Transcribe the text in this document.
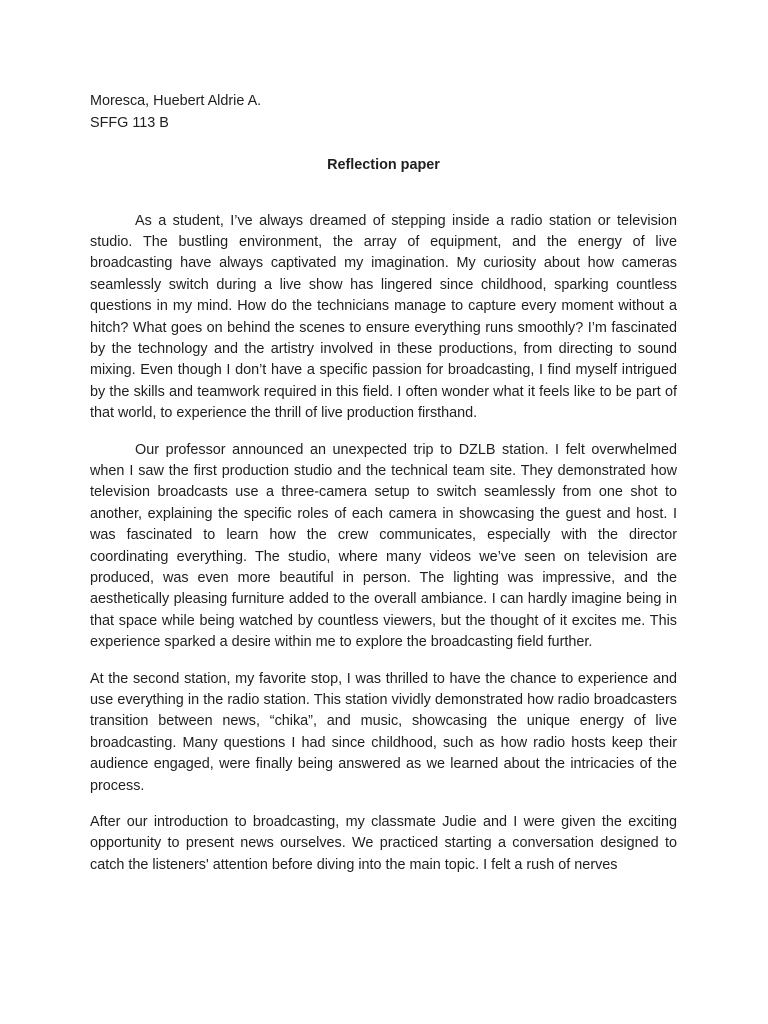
Moresca, Huebert Aldrie A.

SFFG 113 B

Reflection paper

As a student, I’ve always dreamed of stepping inside a radio station or television studio. The bustling environment, the array of equipment, and the energy of live broadcasting have always captivated my imagination. My curiosity about how cameras seamlessly switch during a live show has lingered since childhood, sparking countless questions in my mind. How do the technicians manage to capture every moment without a hitch? What goes on behind the scenes to ensure everything runs smoothly? I’m fascinated by the technology and the artistry involved in these productions, from directing to sound mixing. Even though I don’t have a specific passion for broadcasting, I find myself intrigued by the skills and teamwork required in this field. I often wonder what it feels like to be part of that world, to experience the thrill of live production firsthand.

Our professor announced an unexpected trip to DZLB station. I felt overwhelmed when I saw the first production studio and the technical team site. They demonstrated how television broadcasts use a three-camera setup to switch seamlessly from one shot to another, explaining the specific roles of each camera in showcasing the guest and host. I was fascinated to learn how the crew communicates, especially with the director coordinating everything. The studio, where many videos we’ve seen on television are produced, was even more beautiful in person. The lighting was impressive, and the aesthetically pleasing furniture added to the overall ambiance. I can hardly imagine being in that space while being watched by countless viewers, but the thought of it excites me. This experience sparked a desire within me to explore the broadcasting field further.

At the second station, my favorite stop, I was thrilled to have the chance to experience and use everything in the radio station. This station vividly demonstrated how radio broadcasters transition between news, “chika”, and music, showcasing the unique energy of live broadcasting. Many questions I had since childhood, such as how radio hosts keep their audience engaged, were finally being answered as we learned about the intricacies of the process.

After our introduction to broadcasting, my classmate Judie and I were given the exciting opportunity to present news ourselves. We practiced starting a conversation designed to catch the listeners' attention before diving into the main topic. I felt a rush of nerves
